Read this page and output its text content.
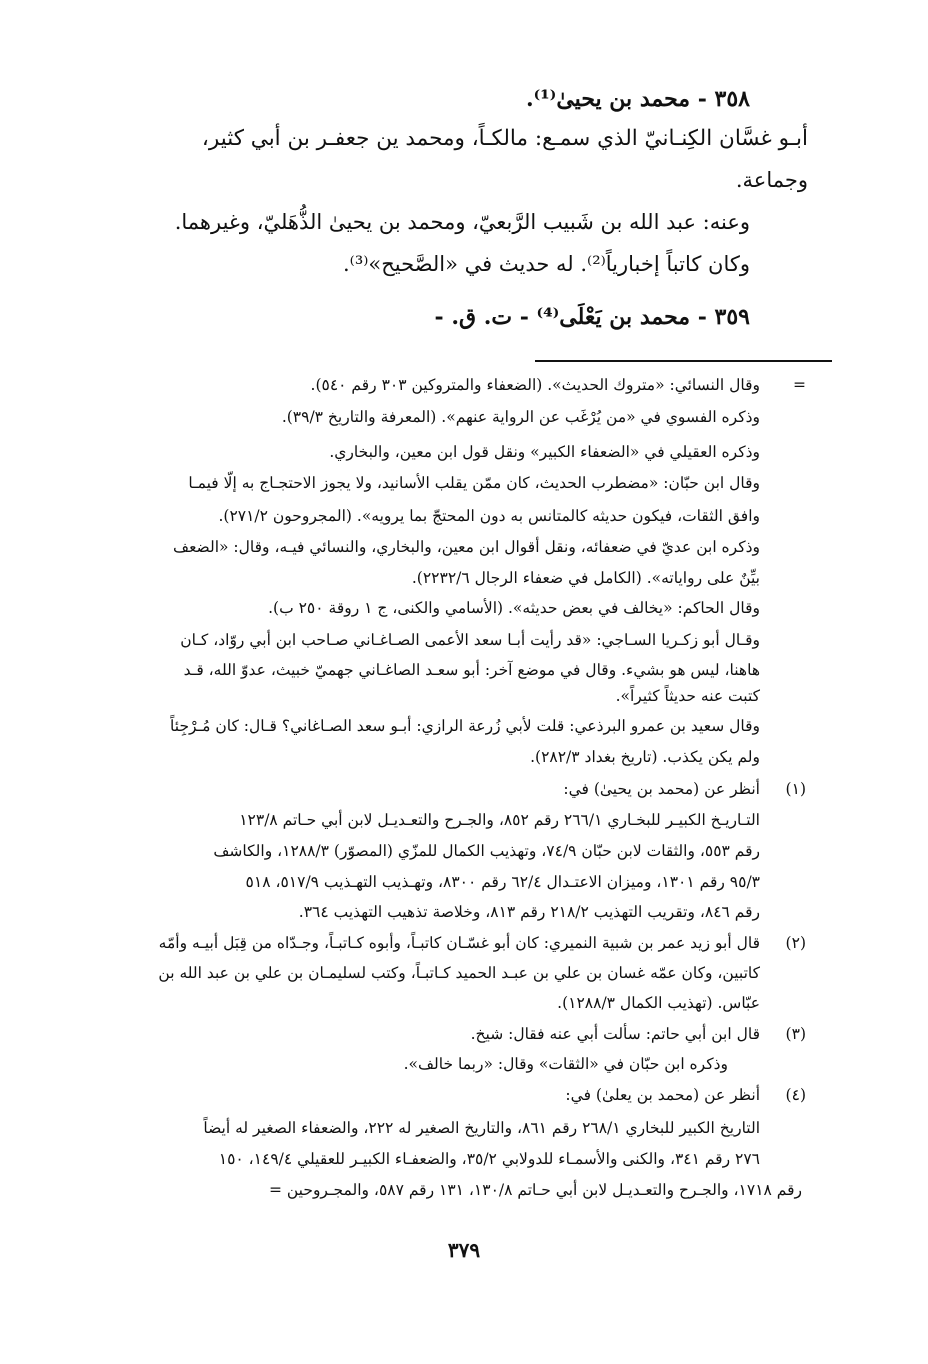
٣٥٨ - محمد بن يحيىٰ⁽¹⁾.
أبـو غسَّان الكِنـانيّ الذي سمـع: مالكـاً، ومحمد ين جعفـر بن أبي كثير،
وجماعة.
وعنه: عبد الله بن شَبيب الرَّبعيّ، ومحمد بن يحيىٰ الذُّهَليّ، وغيرهما.
وكان كاتباً إخبارياً⁽²⁾. له حديث في «الصَّحيح»⁽³⁾.
٣٥٩ - محمد بن يَعْلَى⁽⁴⁾ - ت. ق. -
=
وقال النسائي: «متروك الحديث». (الضعفاء والمتروكين ٣٠٣ رقم ٥٤٠).
وذكره الفسوي في «من يُرْغَب عن الرواية عنهم». (المعرفة والتاريخ ٣٩/٣).
وذكره العقيلي في «الضعفاء الكبير» ونقل قول ابن معين، والبخاري.
وقال ابن حبّان: «مضطرب الحديث، كان ممّن يقلب الأسانيد، ولا يجوز الاحتجـاج به إلّا فيمـا
وافق الثقات، فيكون حديثه كالمتانس به دون المحتجّ بما يرويه». (المجروحون ٢٧١/٢).
وذكره ابن عديّ في ضعفائه، ونقل أقوال ابن معين، والبخاري، والنسائي فيـه، وقال: «الضعف
بيِّنٌ على رواياته». (الكامل في ضعفاء الرجال ٢٢٣٢/٦).
وقال الحاكم: «يخالف في بعض حديثه». (الأسامي والكنى، ج ١ روقة ٢٥٠ ب).
وقـال أبو زكـريا السـاجي: «قد رأيت أبـا سعد الأعمى الصـاغـاني صـاحب ابن أبي روّاد، كـان
هاهنا، ليس هو بشيء. وقال في موضع آخر: أبو سعـد الصاغـاني جهميّ خبيث، عدوّ الله، قـد
كتبت عنه حديثاً كثيراً».
وقال سعيد بن عمرو البرذعي: قلت لأبي زُرعة الرازي: أبـو سعد الصـاغاني؟ قـال: كان مُـرْجِئاً
ولم يكن يكذب. (تاريخ بغداد ٢٨٢/٣).
(١)
أنظر عن (محمد بن يحيىٰ) في:
التـاريـخ الكبيـر للبخـاري ٢٦٦/١ رقم ٨٥٢، والجـرح والتعـديـل لابن أبي حـاتم ١٢٣/٨
رقم ٥٥٣، والثقات لابن حبّان ٧٤/٩، وتهذيب الكمال للمزّي (المصوّر) ١٢٨٨/٣، والكاشف
٩٥/٣ رقم ١٣٠١، وميزان الاعتـدال ٦٢/٤ رقم ٨٣٠٠، وتهـذيب التهـذيب ٥١٧/٩، ٥١٨
رقم ٨٤٦، وتقريب التهذيب ٢١٨/٢ رقم ٨١٣، وخلاصة تذهيب التهذيب ٣٦٤.
(٢)
قال أبو زيد عمر بن شبية النميري: كان أبو غسّـان كاتبـاً، وأبوه كـاتبـاً، وجـدّاه من قِبَل أبيـه وأمّه
كاتبين، وكان عمّه غسان بن علي بن عبـد الحميد كـاتبـاً، وكتب لسليمـان بن علي بن عبد الله بن
عبّاس. (تهذيب الكمال ١٢٨٨/٣).
(٣)
قال ابن أبي حاتم: سألت أبي عنه فقال: شيخ.
وذكره ابن حبّان في «الثقات» وقال: «ربما خالف».
(٤)
أنظر عن (محمد بن يعلىٰ) في:
التاريخ الكبير للبخاري ٢٦٨/١ رقم ٨٦١، والتاريخ الصغير له ٢٢٢، والضعفاء الصغير له أيضاً
٢٧٦ رقم ٣٤١، والكنى والأسمـاء للدولابي ٣٥/٢، والضعفـاء الكبيـر للعقيلي ١٤٩/٤، ١٥٠
رقم ١٧١٨، والجـرح والتعـديـل لابن أبي حـاتم ١٣٠/٨، ١٣١ رقم ٥٨٧، والمجـروحين =
٣٧٩
